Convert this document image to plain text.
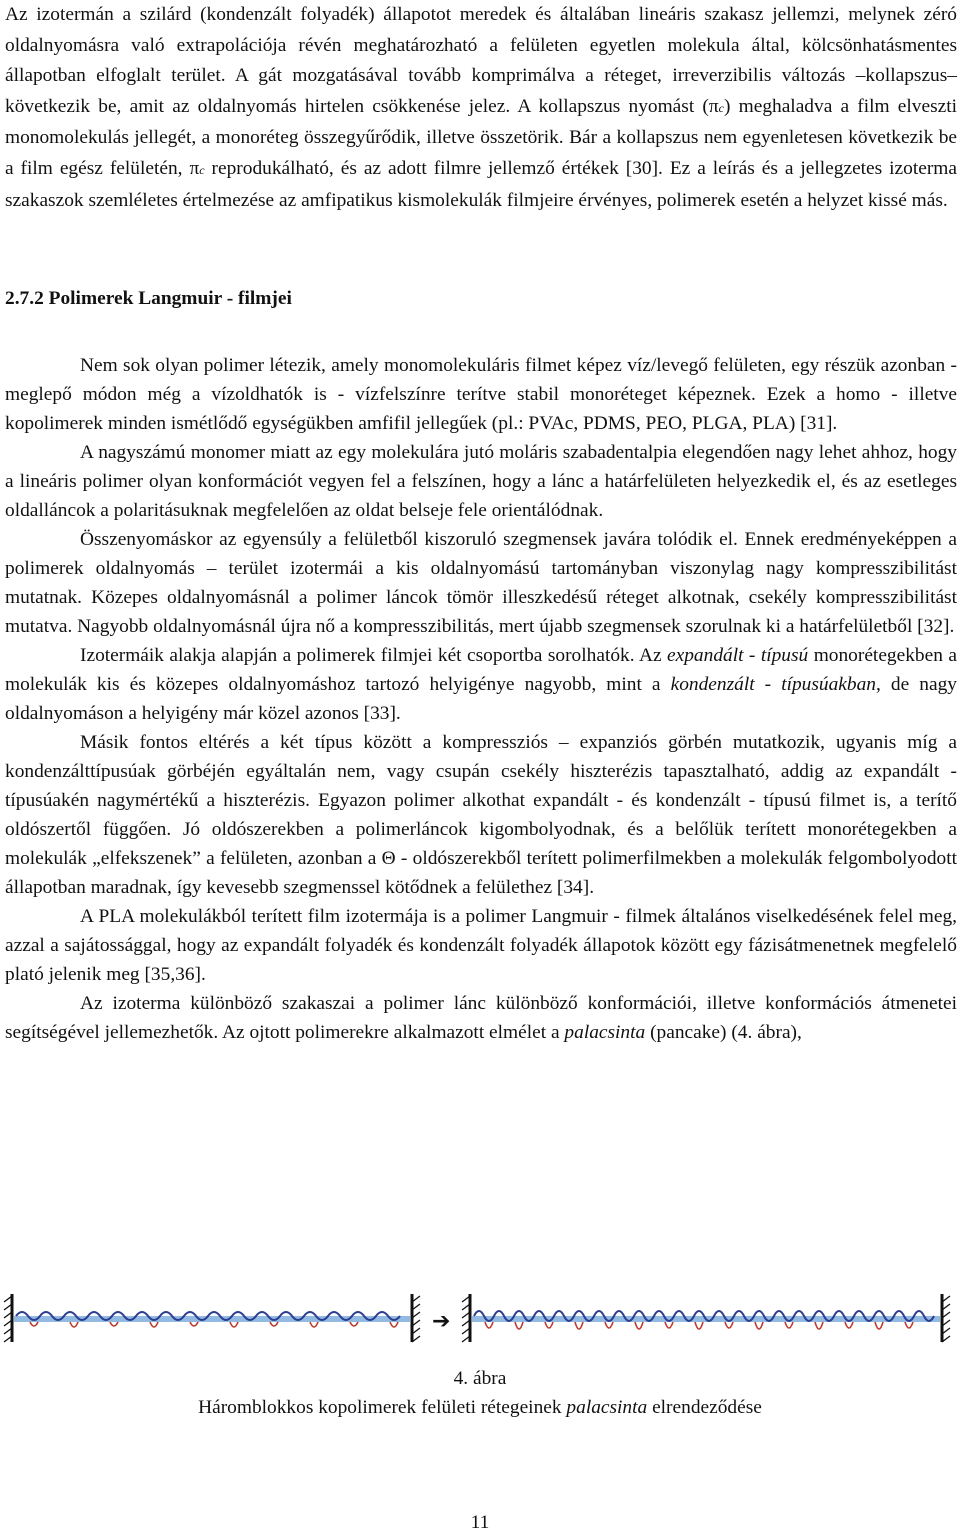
Az izotermán a szilárd (kondenzált folyadék) állapotot meredek és általában lineáris szakasz jellemzi, melynek zéró oldalnyomásra való extrapolációja révén meghatározható a felületen egyetlen molekula által, kölcsönhatásmentes állapotban elfoglalt terület. A gát mozgatásával tovább komprimálva a réteget, irreverzibilis változás –kollapszus– következik be, amit az oldalnyomás hirtelen csökkenése jelez. A kollapszus nyomást (πc) meghaladva a film elveszti monomolekulás jellegét, a monoréteg összegyűrődik, illetve összetörik. Bár a kollapszus nem egyenletesen következik be a film egész felületén, πc reprodukálható, és az adott filmre jellemző értékek [30]. Ez a leírás és a jellegzetes izoterma szakaszok szemléletes értelmezése az amfipatikus kismolekulák filmjeire érvényes, polimerek esetén a helyzet kissé más.

2.7.2 Polimerek Langmuir - filmjei

Nem sok olyan polimer létezik, amely monomolekuláris filmet képez víz/levegő felületen, egy részük azonban - meglepő módon még a vízoldhatók is - vízfelszínre terítve stabil monoréteget képeznek. Ezek a homo - illetve kopolimerek minden ismétlődő egységükben amfifil jellegűek (pl.: PVAc, PDMS, PEO, PLGA, PLA) [31].

A nagyszámú monomer miatt az egy molekulára jutó moláris szabadentalpia elegendően nagy lehet ahhoz, hogy a lineáris polimer olyan konformációt vegyen fel a felszínen, hogy a lánc a határfelületen helyezkedik el, és az esetleges oldalláncok a polaritásuknak megfelelően az oldat belseje fele orientálódnak.

Összenyomáskor az egyensúly a felületből kiszoruló szegmensek javára tolódik el. Ennek eredményeképpen a polimerek oldalnyomás – terület izotermái a kis oldalnyomású tartományban viszonylag nagy kompresszibilitást mutatnak. Közepes oldalnyomásnál a polimer láncok tömör illeszkedésű réteget alkotnak, csekély kompresszibilitást mutatva. Nagyobb oldalnyomásnál újra nő a kompresszibilitás, mert újabb szegmensek szorulnak ki a határfelületből [32].

Izotermáik alakja alapján a polimerek filmjei két csoportba sorolhatók. Az expandált - típusú monorétegekben a molekulák kis és közepes oldalnyomáshoz tartozó helyigénye nagyobb, mint a kondenzált - típusúakban, de nagy oldalnyomáson a helyigény már közel azonos [33].

Másik fontos eltérés a két típus között a kompressziós – expanziós görbén mutatkozik, ugyanis míg a kondenzálttípusúak görbéjén egyáltalán nem, vagy csupán csekély hiszterézis tapasztalható, addig az expandált - típusúakén nagymértékű a hiszterézis. Egyazon polimer alkothat expandált - és kondenzált - típusú filmet is, a terítő oldószertől függően. Jó oldószerekben a polimerláncok kigombolyodnak, és a belőlük terített monorétegekben a molekulák „elfekszenek” a felületen, azonban a Θ - oldószerekből terített polimerfilmekben a molekulák felgombolyodott állapotban maradnak, így kevesebb szegmenssel kötődnek a felülethez [34].

A PLA molekulákból terített film izotermája is a polimer Langmuir - filmek általános viselkedésének felel meg, azzal a sajátossággal, hogy az expandált folyadék és kondenzált folyadék állapotok között egy fázisátmenetnek megfelelő plató jelenik meg [35,36].

Az izoterma különböző szakaszai a polimer lánc különböző konformációi, illetve konformációs átmenetei segítségével jellemezhetők. Az ojtott polimerekre alkalmazott elmélet a palacsinta (pancake) (4. ábra),

➔

4. ábra

Háromblokkos kopolimerek felületi rétegeinek palacsinta elrendeződése

11
